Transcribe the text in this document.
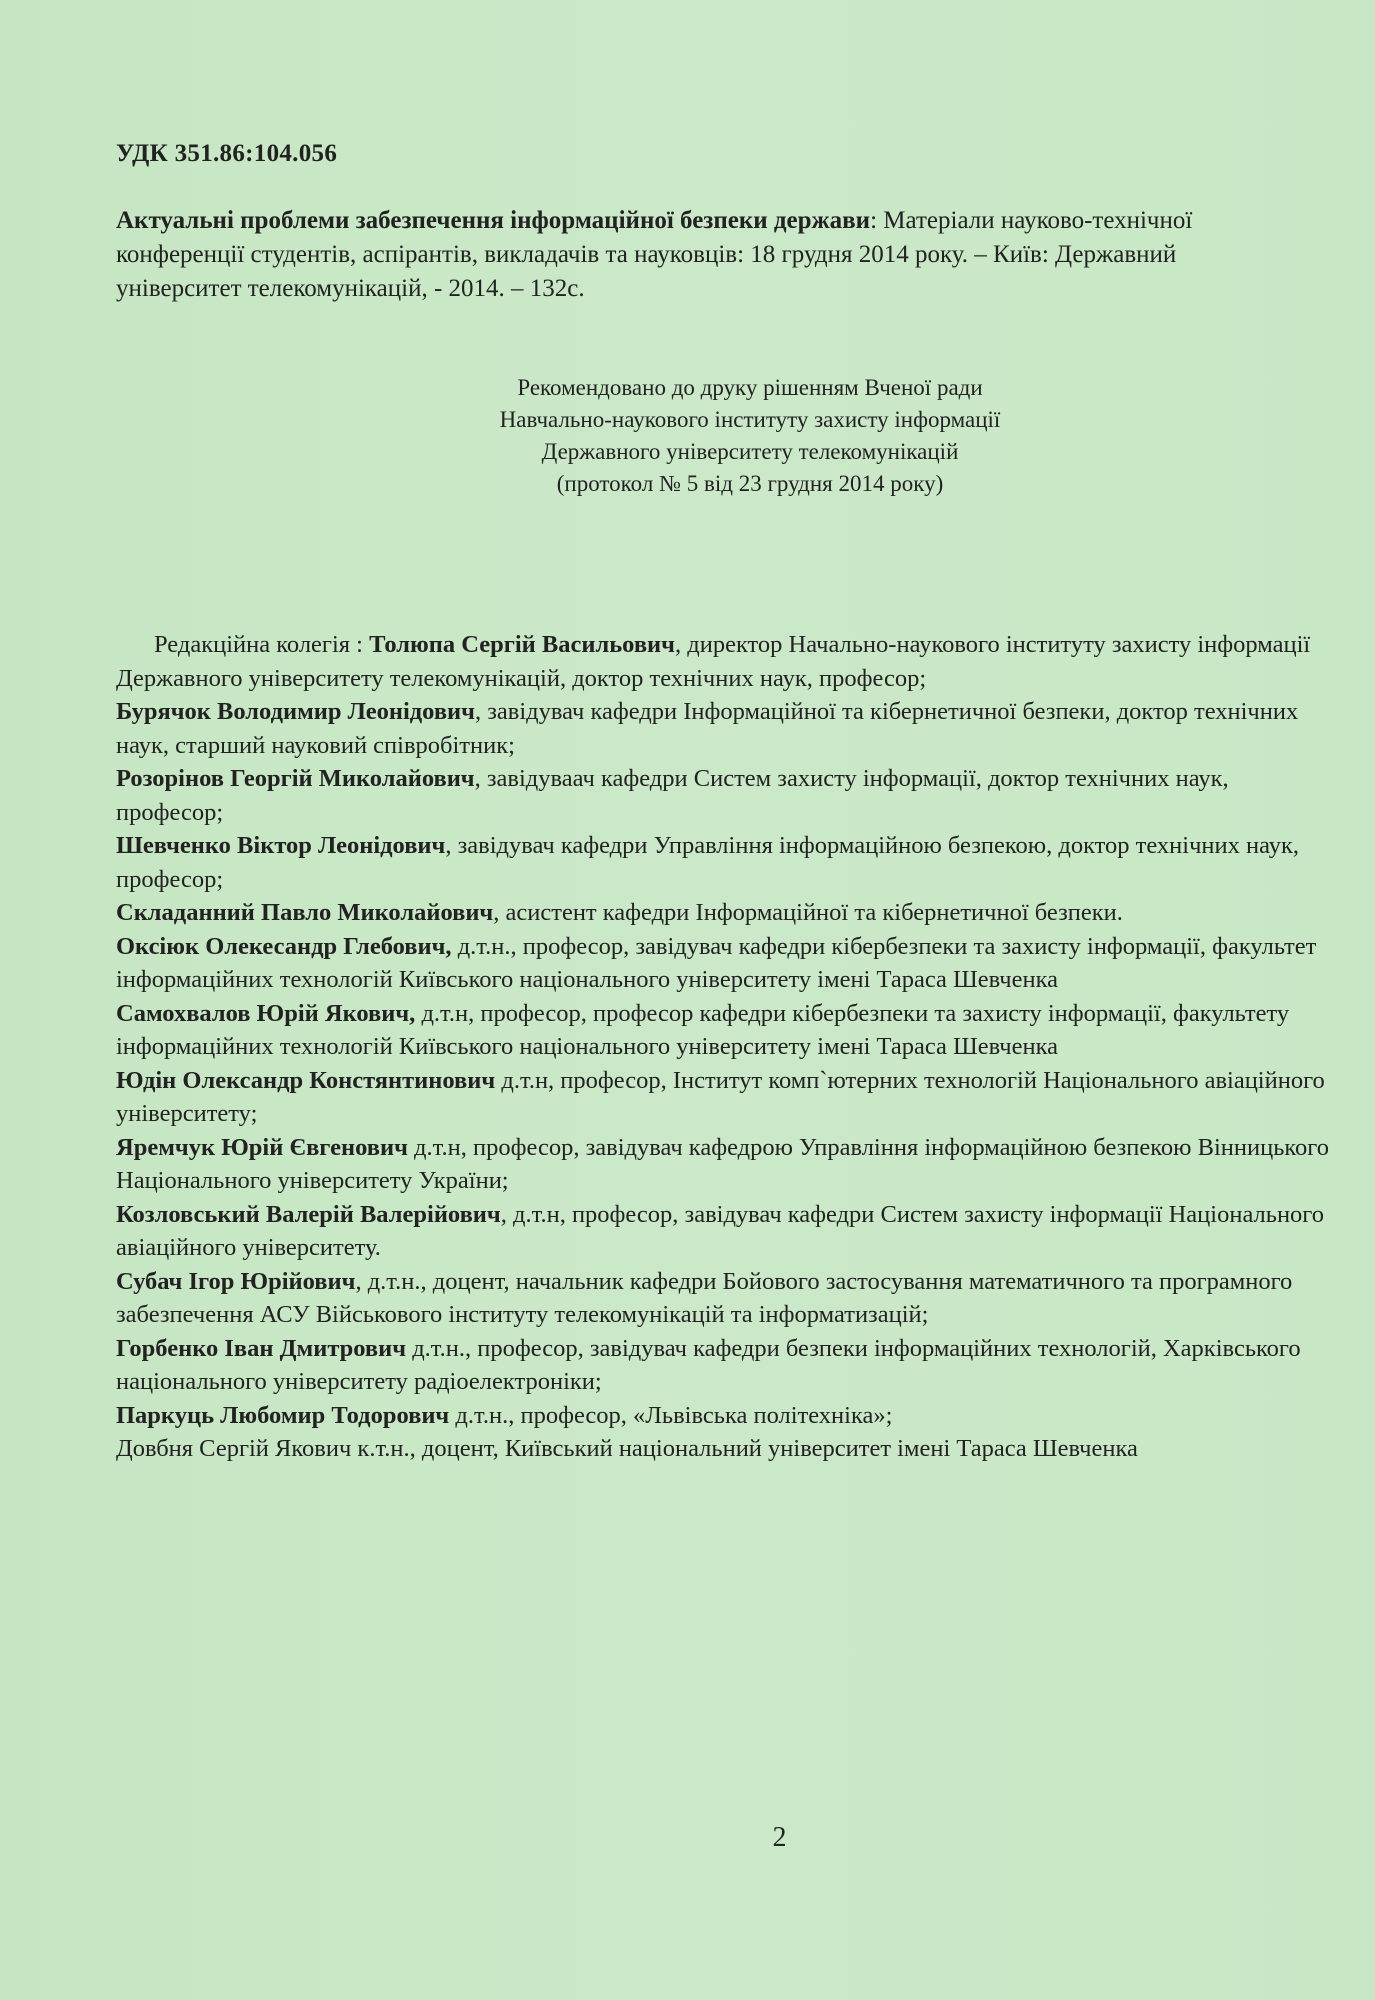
УДК 351.86:104.056
Актуальні проблеми забезпечення інформаційної безпеки держави: Матеріали науково-технічної конференції студентів, аспірантів, викладачів та науковців: 18 грудня 2014 року. – Київ: Державний університет телекомунікацій, - 2014. – 132с.
Рекомендовано до друку рішенням Вченої ради
Навчально-наукового інституту захисту інформації
Державного університету телекомунікацій
(протокол № 5 від 23 грудня 2014 року)

Редакційна колегія : Толюпа Сергій Васильович, директор Начально-наукового інституту захисту інформації Державного університету телекомунікацій, доктор технічних наук, професор;

Бурячок Володимир Леонідович, завідувач кафедри Інформаційної та кібернетичної безпеки, доктор технічних наук, старший науковий співробітник;

Розорінов Георгій Миколайович, завідуваач кафедри Систем захисту інформації, доктор технічних наук, професор;

Шевченко Віктор Леонідович, завідувач кафедри Управління інформаційною безпекою, доктор технічних наук, професор;

Складанний Павло Миколайович, асистент кафедри Інформаційної та кібернетичної безпеки.

Оксіюк Олекесандр Глебович, д.т.н., професор, завідувач кафедри кібербезпеки та захисту інформації, факультет інформаційних технологій Київського національного університету імені Тараса Шевченка

Самохвалов Юрій Якович, д.т.н, професор, професор кафедри кібербезпеки та захисту інформації, факультету інформаційних технологій Київського національного університету імені Тараса Шевченка

Юдін Олександр Констянтинович д.т.н, професор, Інститут комп`ютерних технологій Національного авіаційного університету;

Яремчук Юрій Євгенович д.т.н, професор, завідувач кафедрою Управління інформаційною безпекою Вінницького Національного університету України;

Козловський Валерій Валерійович, д.т.н, професор, завідувач кафедри Систем захисту інформації Національного авіаційного університету.

Субач Ігор Юрійович, д.т.н., доцент, начальник кафедри Бойового застосування математичного та програмного забезпечення АСУ Військового інституту телекомунікацій та інформатизацій;

Горбенко Іван Дмитрович д.т.н., професор, завідувач кафедри безпеки інформаційних технологій, Харківського національного університету радіоелектроніки;

Паркуць Любомир Тодорович д.т.н., професор, «Львівська політехніка»;

Довбня Сергій Якович к.т.н., доцент, Київський національний університет імені Тараса Шевченка

2
